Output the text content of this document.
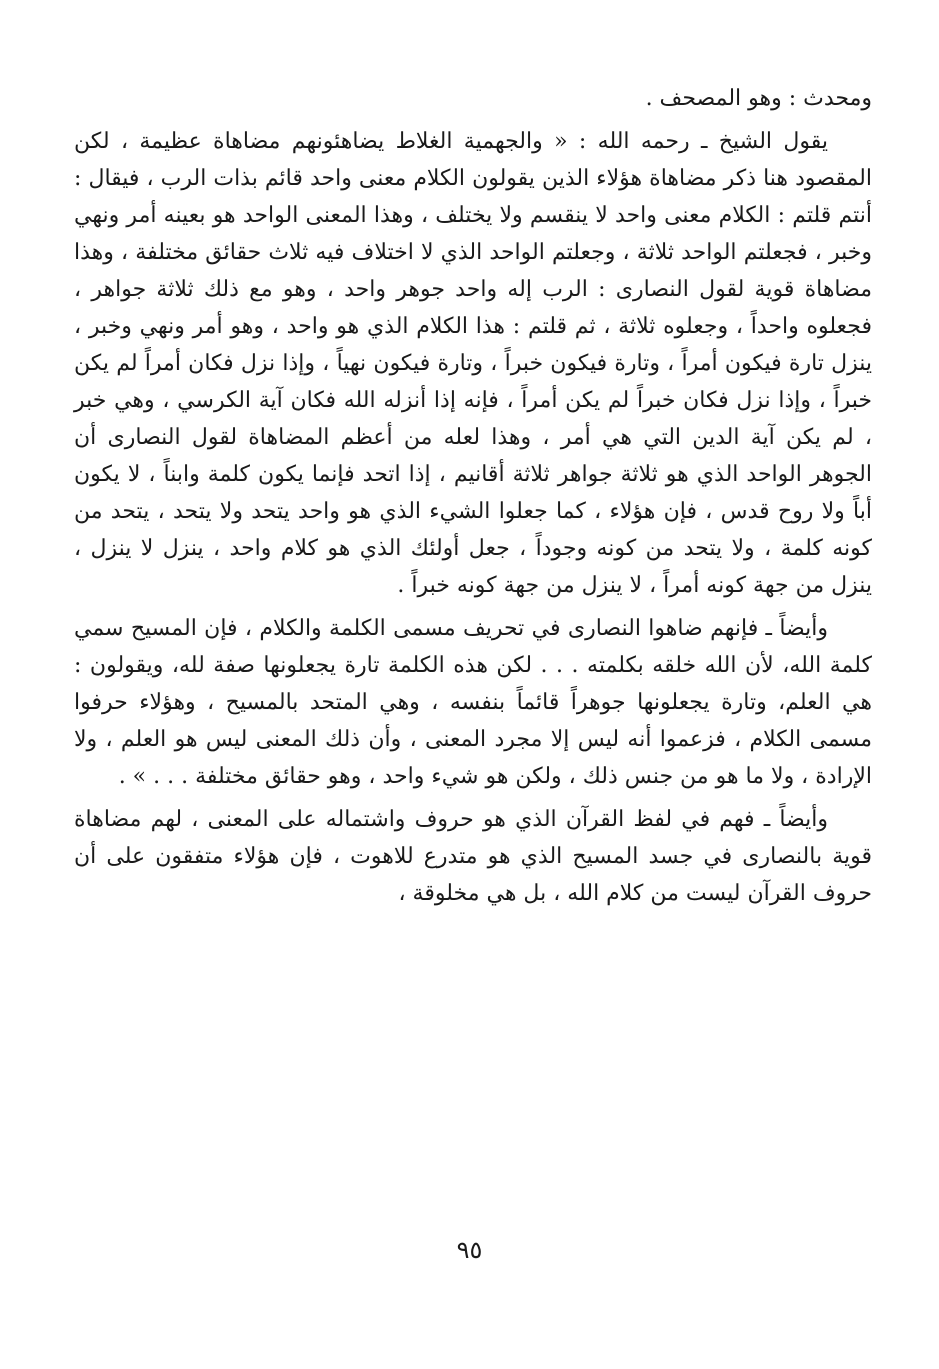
ومحدث : وهو المصحف .

يقول الشيخ ـ رحمه الله : « والجهمية الغلاط يضاهئونهم مضاهاة عظيمة ، لكن المقصود هنا ذكر مضاهاة هؤلاء الذين يقولون الكلام معنى واحد قائم بذات الرب ، فيقال : أنتم قلتم : الكلام معنى واحد لا ينقسم ولا يختلف ، وهذا المعنى الواحد هو بعينه أمر ونهي وخبر ، فجعلتم الواحد ثلاثة ، وجعلتم الواحد الذي لا اختلاف فيه ثلاث حقائق مختلفة ، وهذا مضاهاة قوية لقول النصارى : الرب إله واحد جوهر واحد ، وهو مع ذلك ثلاثة جواهر ، فجعلوه واحداً ، وجعلوه ثلاثة ، ثم قلتم : هذا الكلام الذي هو واحد ، وهو أمر ونهي وخبر ، ينزل تارة فيكون أمراً ، وتارة فيكون خبراً ، وتارة فيكون نهياً ، وإذا نزل فكان أمراً لم يكن خبراً ، وإذا نزل فكان خبراً لم يكن أمراً ، فإنه إذا أنزله الله فكان آية الكرسي ، وهي خبر ، لم يكن آية الدين التي هي أمر ، وهذا لعله من أعظم المضاهاة لقول النصارى أن الجوهر الواحد الذي هو ثلاثة جواهر ثلاثة أقانيم ، إذا اتحد فإنما يكون كلمة وابناً ، لا يكون أباً ولا روح قدس ، فإن هؤلاء ، كما جعلوا الشيء الذي هو واحد يتحد ولا يتحد ، يتحد من كونه كلمة ، ولا يتحد من كونه وجوداً ، جعل أولئك الذي هو كلام واحد ، ينزل لا ينزل ، ينزل من جهة كونه أمراً ، لا ينزل من جهة كونه خبراً .

وأيضاً ـ فإنهم ضاهوا النصارى في تحريف مسمى الكلمة والكلام ، فإن المسيح سمي كلمة الله، لأن الله خلقه بكلمته . . . لكن هذه الكلمة تارة يجعلونها صفة لله، ويقولون : هي العلم، وتارة يجعلونها جوهراً قائماً بنفسه ، وهي المتحد بالمسيح ، وهؤلاء حرفوا مسمى الكلام ، فزعموا أنه ليس إلا مجرد المعنى ، وأن ذلك المعنى ليس هو العلم ، ولا الإرادة ، ولا ما هو من جنس ذلك ، ولكن هو شيء واحد ، وهو حقائق مختلفة . . . » .

وأيضاً ـ فهم في لفظ القرآن الذي هو حروف واشتماله على المعنى ، لهم مضاهاة قوية بالنصارى في جسد المسيح الذي هو متدرع للاهوت ، فإن هؤلاء متفقون على أن حروف القرآن ليست من كلام الله ، بل هي مخلوقة ،

٩٥
